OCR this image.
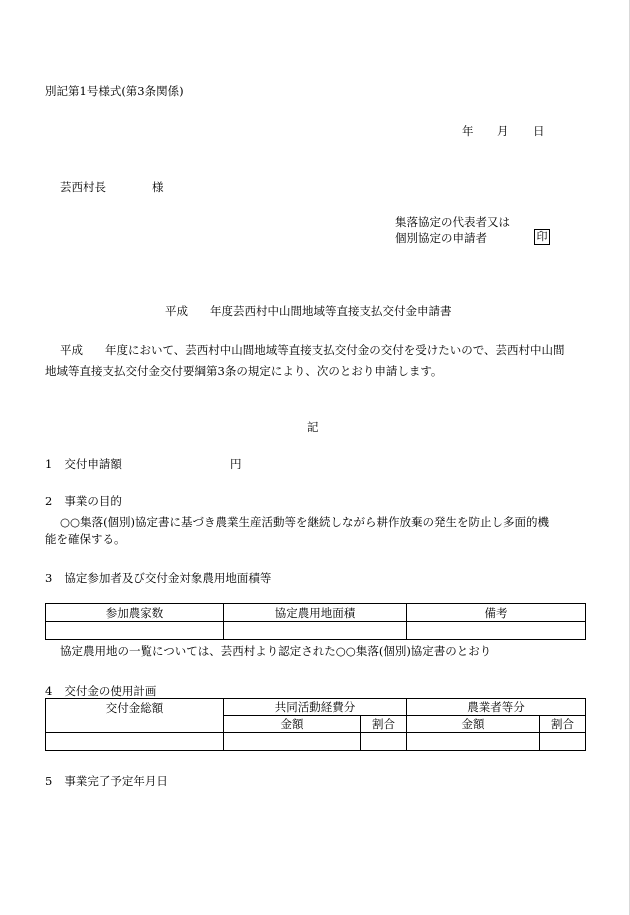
別記第1号様式(第3条関係)
年 月 日
芸西村長	様
集落協定の代表者又は
個別協定の申請者	印
平成 年度芸西村中山間地域等直接支払交付金申請書
平成 年度において、芸西村中山間地域等直接支払交付金の交付を受けたいので、芸西村中山間
地域等直接支払交付金交付要綱第3条の規定により、次のとおり申請します。
記
1 交付申請額	円
2 事業の目的
○○集落(個別)協定書に基づき農業生産活動等を継続しながら耕作放棄の発生を防止し多面的機
能を確保する。
3 協定参加者及び交付金対象農用地面積等
参加農家数	協定農用地面積	備考

協定農用地の一覧については、芸西村より認定された○○集落(個別)協定書のとおり
4 交付金の使用計画
交付金総額	共同活動経費分		農業者等分	
	金額	割合	金額	割合

5 事業完了予定年月日
